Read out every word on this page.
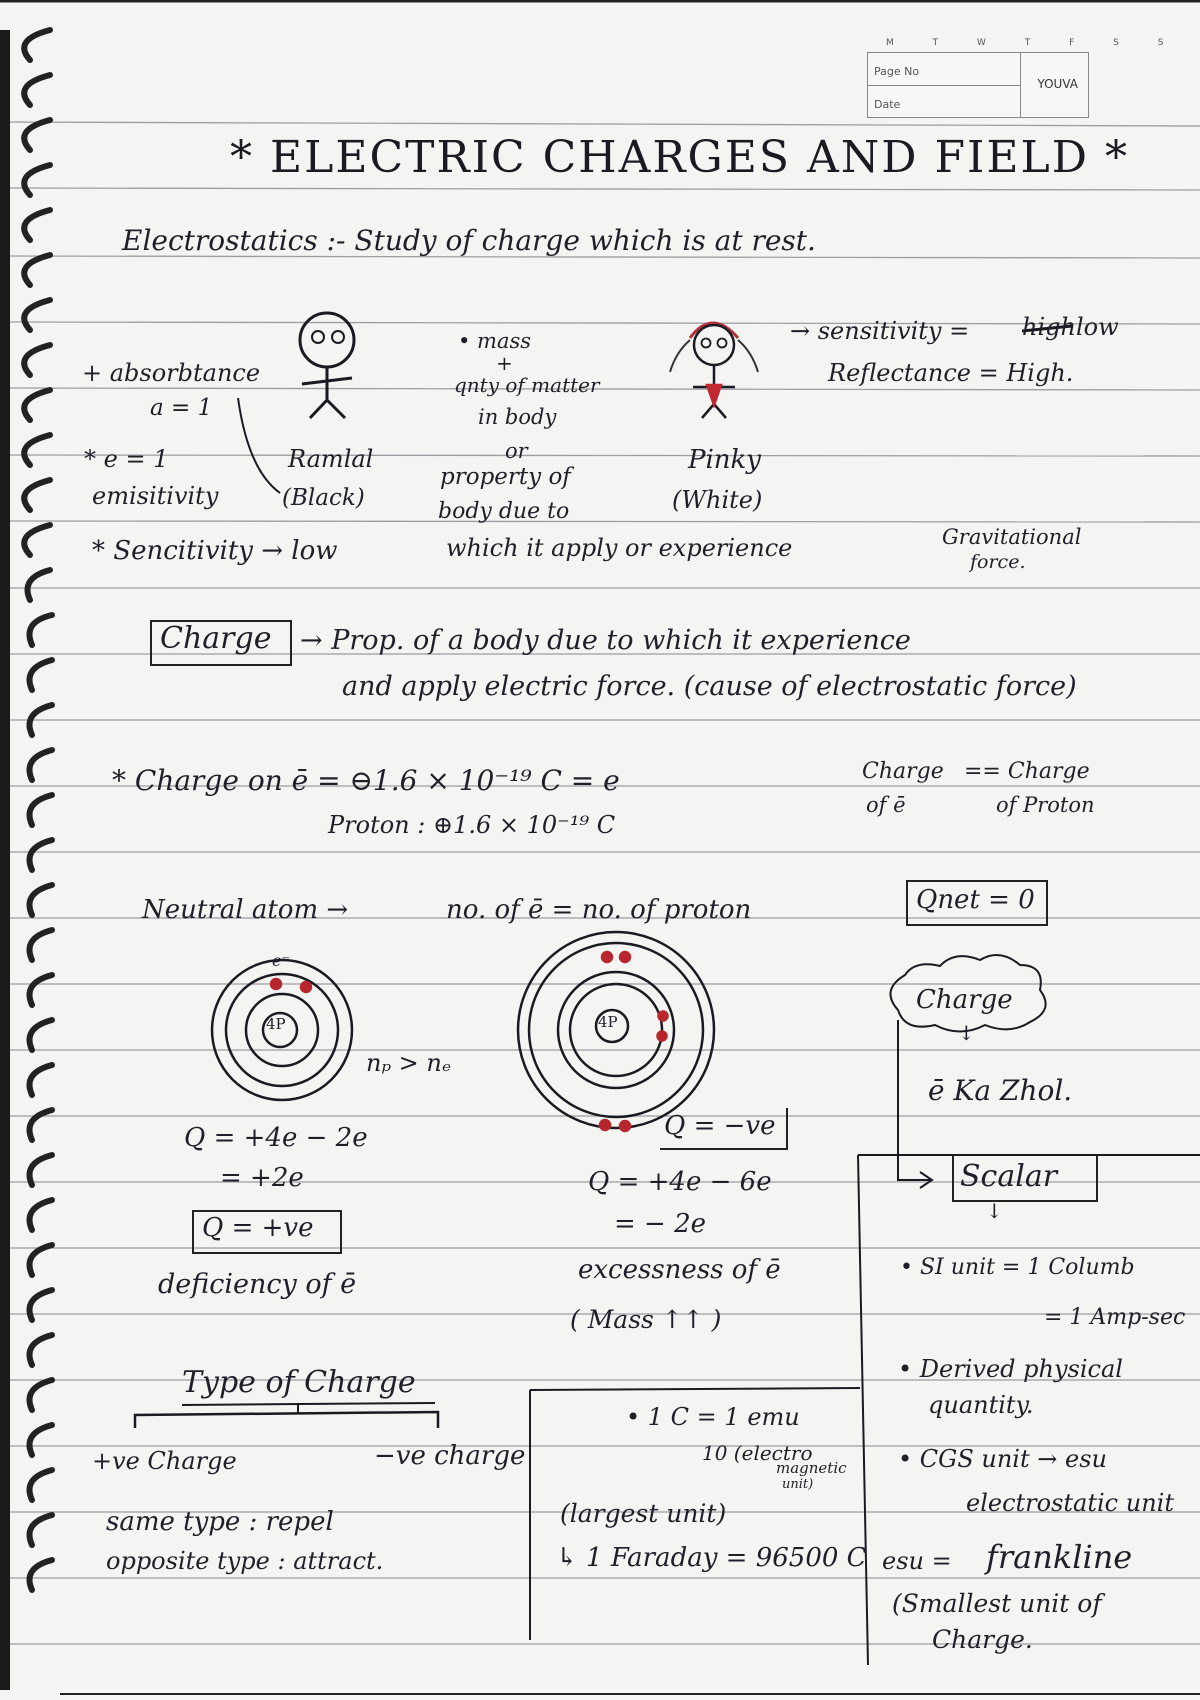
M T W T F S S
Page No
Date
YOUVA
* ELECTRIC CHARGES AND FIELD *
Electrostatics :- Study of charge which is at rest.
+ absorbtance
a = 1
* e = 1
emisitivity
Ramlal
(Black)
* Sencitivity → low
• mass
+
qnty of matter
in body
or
property of
body due to
which it apply or experience	Gravitational
force.
Pinky
(White)
→ sensitivity = high low
Reflectance = High.
Charge → Prop. of a body due to which it experience
and apply electric force. (cause of electrostatic force)
* Charge on ē = ⊖1.6 × 10⁻¹⁹ C = e
Proton : ⊕1.6 × 10⁻¹⁹ C
Charge == Charge
of ē	of Proton
Neutral atom →	no. of ē = no. of proton	Qnet = 0
4P
e⁻
nₚ > nₑ
Q = +4e − 2e
= +2e
Q = +ve
deficiency of ē
4P
Q = −ve
Q = +4e − 6e
= − 2e
excessness of ē
( Mass ↑↑ )
Charge
↓
ē Ka Zhol.
Scalar
↓
• SI unit = 1 Columb
= 1 Amp-sec
• Derived physical
quantity.
• CGS unit → esu
electrostatic unit
esu = frankline
(Smallest unit of
Charge.
Type of Charge
+ve Charge	−ve charge
same type : repel
opposite type : attract.
• 1 C = 1 emu
10 (electro
magnetic
unit)
(largest unit)
↳ 1 Faraday = 96500 C
